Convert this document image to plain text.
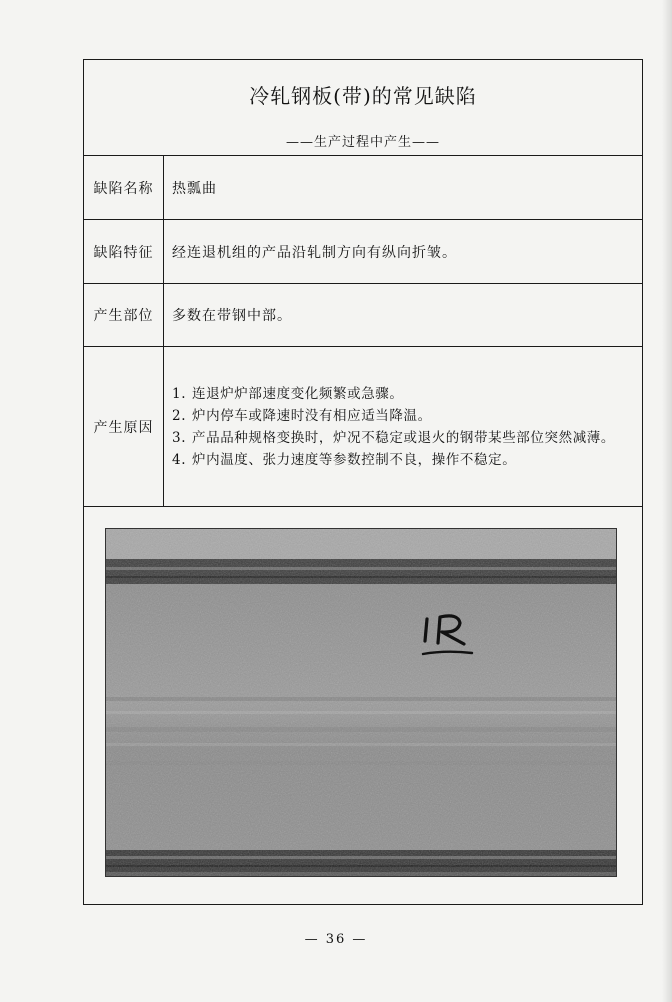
冷轧钢板(带)的常见缺陷
——生产过程中产生——
缺陷名称	热瓢曲
缺陷特征	经连退机组的产品沿轧制方向有纵向折皱。
产生部位	多数在带钢中部。
产生原因
1. 连退炉炉部速度变化频繁或急骤。
2. 炉内停车或降速时没有相应适当降温。
3. 产品品种规格变换时，炉况不稳定或退火的钢带某些部位突然减薄。
4. 炉内温度、张力速度等参数控制不良，操作不稳定。
— 36 —
